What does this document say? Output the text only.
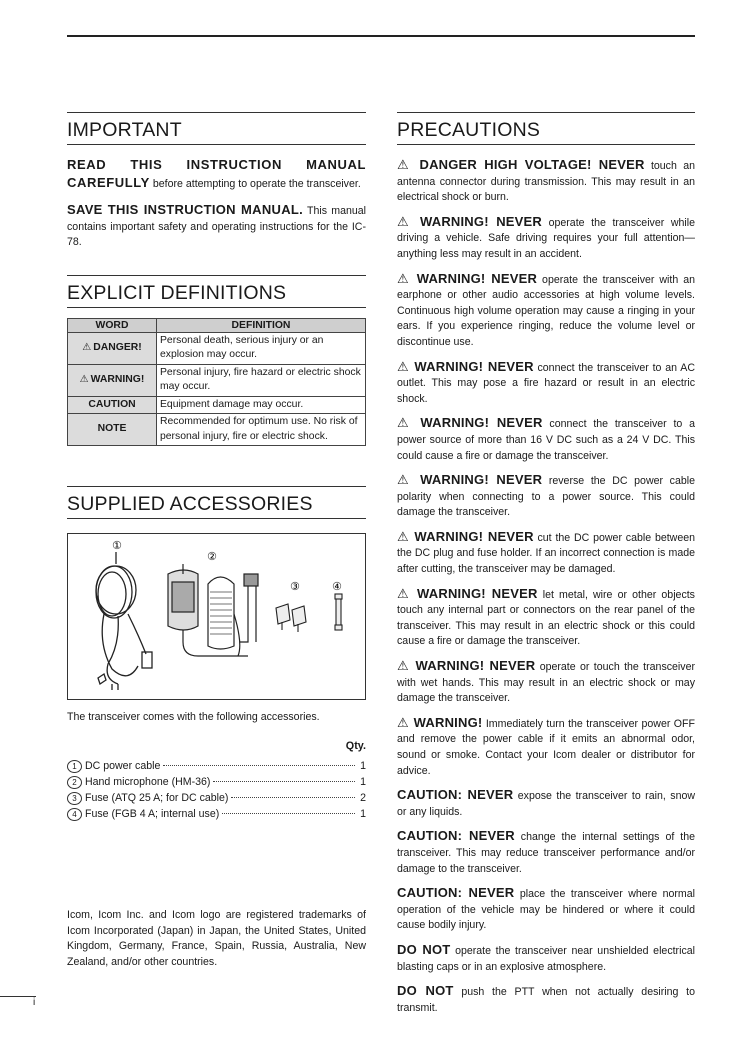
IMPORTANT

READ THIS INSTRUCTION MANUAL CAREFULLY before attempting to operate the transceiver.

SAVE THIS INSTRUCTION MANUAL. This manual contains important safety and operating instructions for the IC-78.

EXPLICIT DEFINITIONS
WORD	DEFINITION
⚠ DANGER!	Personal death, serious injury or an explosion may occur.
⚠ WARNING!	Personal injury, fire hazard or electric shock may occur.
CAUTION	Equipment damage may occur.
NOTE	Recommended for optimum use. No risk of personal injury, fire or electric shock.
SUPPLIED ACCESSORIES
①
②
③	④

The transceiver comes with the following accessories.

Qty.
1 DC power cable	1
2 Hand microphone (HM-36)	1
3 Fuse (ATQ 25 A; for DC cable)	2
4 Fuse (FGB 4 A; internal use)	1

Icom, Icom Inc. and Icom logo are registered trademarks of Icom Incorporated (Japan) in Japan, the United States, United Kingdom, Germany, France, Spain, Russia, Australia, New Zealand, and/or other countries.

PRECAUTIONS

⚠ DANGER HIGH VOLTAGE! NEVER touch an antenna connector during transmission. This may result in an electrical shock or burn.

⚠ WARNING! NEVER operate the transceiver while driving a vehicle. Safe driving requires your full attention—anything less may result in an accident.

⚠ WARNING! NEVER operate the transceiver with an earphone or other audio accessories at high volume levels. Continuous high volume operation may cause a ringing in your ears. If you experience ringing, reduce the volume level or discontinue use.

⚠ WARNING! NEVER connect the transceiver to an AC outlet. This may pose a fire hazard or result in an electric shock.

⚠ WARNING! NEVER connect the transceiver to a power source of more than 16 V DC such as a 24 V DC. This could cause a fire or damage the transceiver.

⚠ WARNING! NEVER reverse the DC power cable polarity when connecting to a power source. This could damage the transceiver.

⚠ WARNING! NEVER cut the DC power cable between the DC plug and fuse holder. If an incorrect connection is made after cutting, the transceiver may be damaged.

⚠ WARNING! NEVER let metal, wire or other objects touch any internal part or connectors on the rear panel of the transceiver. This may result in an electric shock or this could cause a fire or damage the transceiver.

⚠ WARNING! NEVER operate or touch the transceiver with wet hands. This may result in an electric shock or may damage the transceiver.

⚠ WARNING! Immediately turn the transceiver power OFF and remove the power cable if it emits an abnormal odor, sound or smoke. Contact your Icom dealer or distributor for advice.

CAUTION: NEVER expose the transceiver to rain, snow or any liquids.

CAUTION: NEVER change the internal settings of the transceiver. This may reduce transceiver performance and/or damage to the transceiver.

CAUTION: NEVER place the transceiver where normal operation of the vehicle may be hindered or where it could cause bodily injury.

DO NOT operate the transceiver near unshielded electrical blasting caps or in an explosive atmosphere.

DO NOT push the PTT when not actually desiring to transmit.

i
